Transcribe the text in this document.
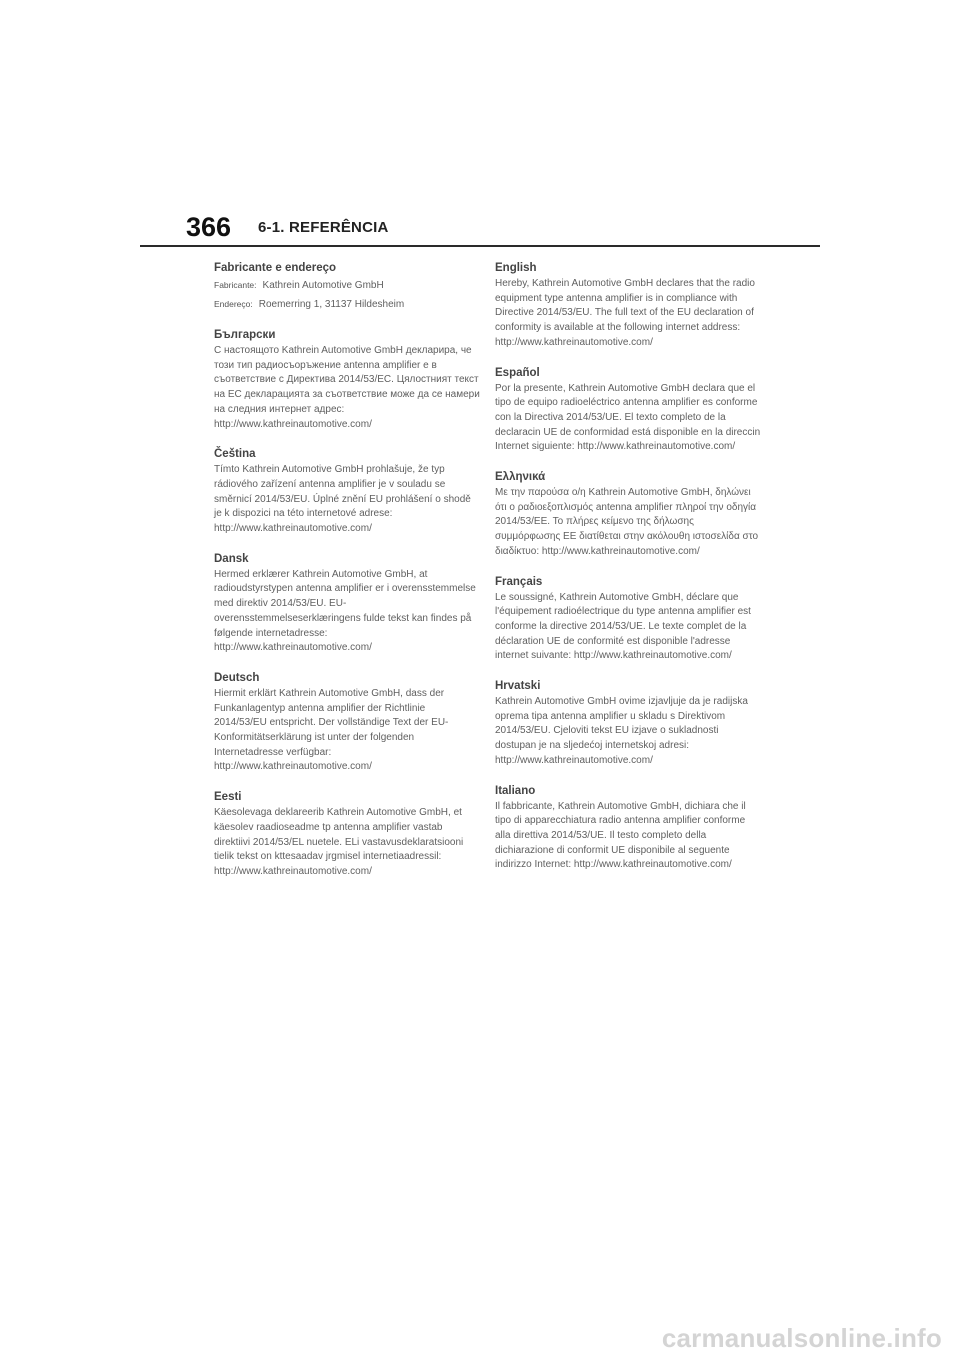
366 6-1. REFERÊNCIA
Fabricante e endereço
Fabricante: Kathrein Automotive GmbH
Endereço: Roemerring 1, 31137 Hildesheim
Български

С настоящото Kathrein Automotive GmbH декларира, че този тип радиосъоръжение antenna amplifier е в съответствие с Директива 2014/53/ЕС. Цялостният текст на ЕС декларацията за съответствие може да се намери на следния интернет адрес: http://www.kathreinautomotive.com/

Čeština

Tímto Kathrein Automotive GmbH prohlašuje, že typ rádiového zařízení antenna amplifier je v souladu se směrnicí 2014/53/EU. Úplné znění EU prohlášení o shodě je k dispozici na této internetové adrese: http://www.kathreinautomotive.com/

Dansk

Hermed erklærer Kathrein Automotive GmbH, at radioudstyrstypen antenna amplifier er i overensstemmelse med direktiv 2014/53/EU. EU-overensstemmelseserklæringens fulde tekst kan findes på følgende internetadresse: http://www.kathreinautomotive.com/

Deutsch

Hiermit erklärt Kathrein Automotive GmbH, dass der Funkanlagentyp antenna amplifier der Richtlinie 2014/53/EU entspricht. Der vollständige Text der EU-Konformitätserklärung ist unter der folgenden Internetadresse verfügbar: http://www.kathreinautomotive.com/

Eesti

Käesolevaga deklareerib Kathrein Automotive GmbH, et käesolev raadioseadme tp antenna amplifier vastab direktiivi 2014/53/EL nuetele. ELi vastavusdeklaratsiooni tielik tekst on kttesaadav jrgmisel internetiaadressil: http://www.kathreinautomotive.com/

English

Hereby, Kathrein Automotive GmbH declares that the radio equipment type antenna amplifier is in compliance with Directive 2014/53/EU. The full text of the EU declaration of conformity is available at the following internet address: http://www.kathreinautomotive.com/

Español

Por la presente, Kathrein Automotive GmbH declara que el tipo de equipo radioeléctrico antenna amplifier es conforme con la Directiva 2014/53/UE. El texto completo de la declaracin UE de conformidad está disponible en la direccin Internet siguiente: http://www.kathreinautomotive.com/

Ελληνικά

Με την παρούσα ο/η Kathrein Automotive GmbH, δηλώνει ότι ο ραδιοεξοπλισμός antenna amplifier πληροί την οδηγία 2014/53/ΕΕ. Το πλήρες κείμενο της δήλωσης συμμόρφωσης ΕΕ διατίθεται στην ακόλουθη ιστοσελίδα στο διαδίκτυο: http://www.kathreinautomotive.com/

Français

Le soussigné, Kathrein Automotive GmbH, déclare que l'équipement radioélectrique du type antenna amplifier est conforme la directive 2014/53/UE. Le texte complet de la déclaration UE de conformité est disponible l'adresse internet suivante: http://www.kathreinautomotive.com/

Hrvatski

Kathrein Automotive GmbH ovime izjavljuje da je radijska oprema tipa antenna amplifier u skladu s Direktivom 2014/53/EU. Cjeloviti tekst EU izjave o sukladnosti dostupan je na sljedećoj internetskoj adresi: http://www.kathreinautomotive.com/

Italiano

Il fabbricante, Kathrein Automotive GmbH, dichiara che il tipo di apparecchiatura radio antenna amplifier conforme alla direttiva 2014/53/UE. Il testo completo della dichiarazione di conformit UE disponibile al seguente indirizzo Internet: http://www.kathreinautomotive.com/

carmanualsonline.info
